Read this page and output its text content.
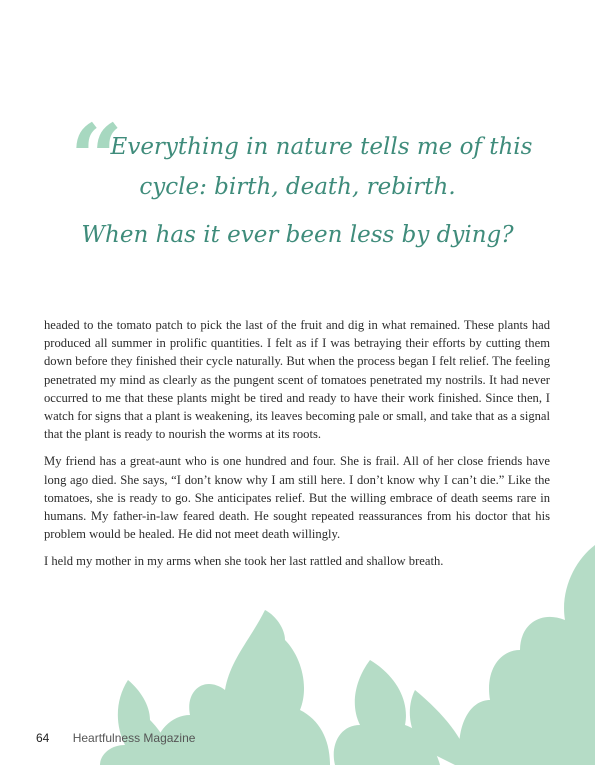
“
Everything in nature tells me of this
cycle: birth, death, rebirth.
When has it ever been less by dying?

headed to the tomato patch to pick the last of the fruit and dig in what remained. These plants had produced all summer in prolific quantities. I felt as if I was betraying their efforts by cutting them down before they finished their cycle naturally. But when the process began I felt relief. The feeling penetrated my mind as clearly as the pungent scent of tomatoes penetrated my nostrils. It had never occurred to me that these plants might be tired and ready to have their work finished. Since then, I watch for signs that a plant is weakening, its leaves becoming pale or small, and take that as a signal that the plant is ready to nourish the worms at its roots.

My friend has a great-aunt who is one hundred and four. She is frail. All of her close friends have long ago died. She says, “I don’t know why I am still here. I don’t know why I can’t die.” Like the tomatoes, she is ready to go. She anticipates relief. But the willing embrace of death seems rare in humans. My father-in-law feared death. He sought repeated reassurances from his doctor that his problem would be healed. He did not meet death willingly.

I held my mother in my arms when she took her last rattled and shallow breath.

64 Heartfulness Magazine
